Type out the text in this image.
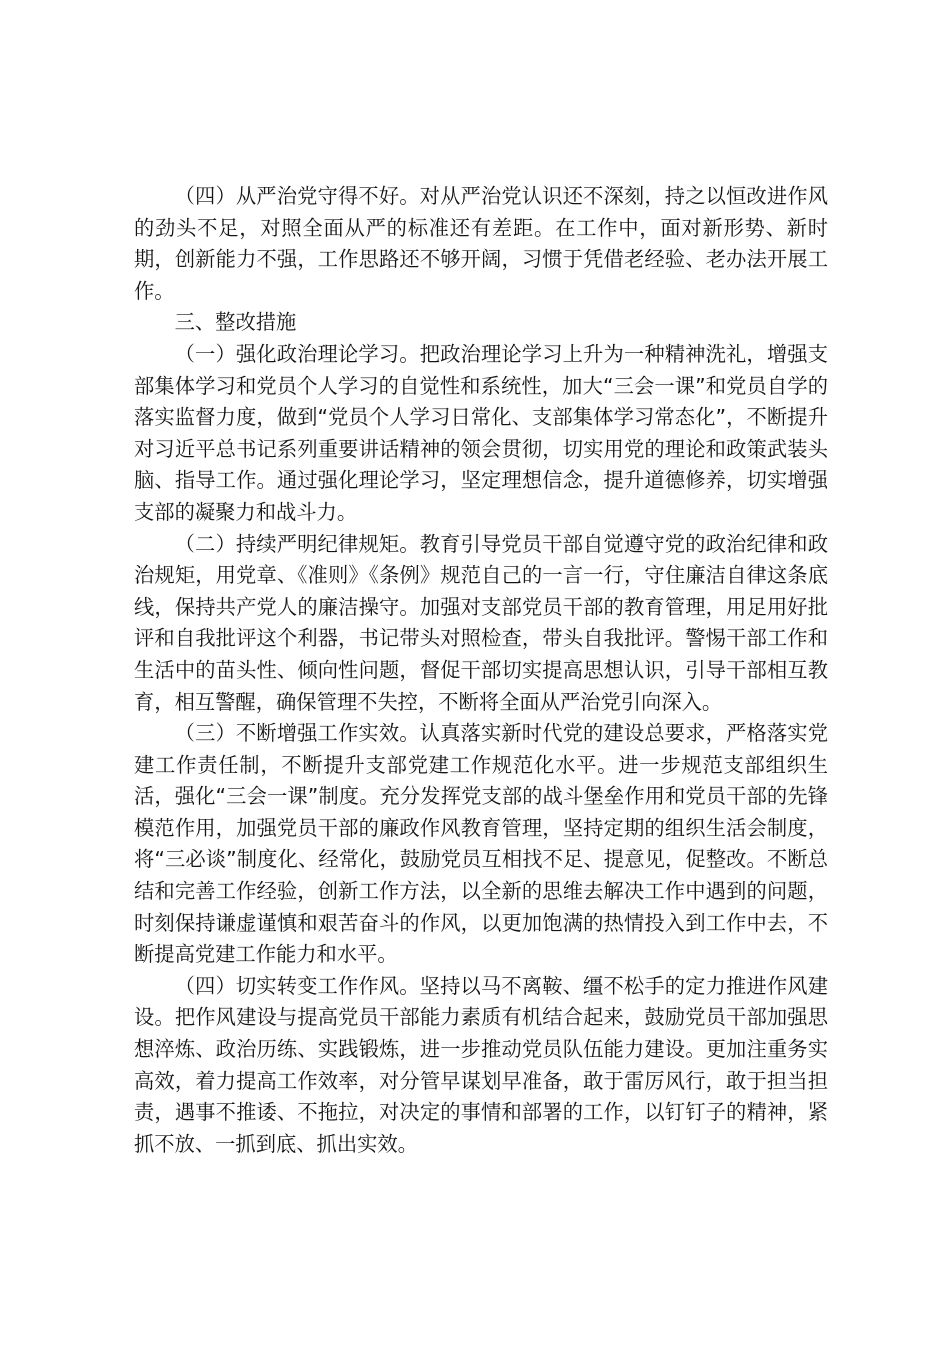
（四）从严治党守得不好。对从严治党认识还不深刻，持之以恒改进作风的劲头不足，对照全面从严的标准还有差距。在工作中，面对新形势、新时期，创新能力不强，工作思路还不够开阔，习惯于凭借老经验、老办法开展工作。

三、整改措施

（一）强化政治理论学习。把政治理论学习上升为一种精神洗礼，增强支部集体学习和党员个人学习的自觉性和系统性，加大“三会一课”和党员自学的落实监督力度，做到“党员个人学习日常化、支部集体学习常态化”，不断提升对习近平总书记系列重要讲话精神的领会贯彻，切实用党的理论和政策武装头脑、指导工作。通过强化理论学习，坚定理想信念，提升道德修养，切实增强支部的凝聚力和战斗力。

（二）持续严明纪律规矩。教育引导党员干部自觉遵守党的政治纪律和政治规矩，用党章、《准则》《条例》规范自己的一言一行，守住廉洁自律这条底线，保持共产党人的廉洁操守。加强对支部党员干部的教育管理，用足用好批评和自我批评这个利器，书记带头对照检查，带头自我批评。警惕干部工作和生活中的苗头性、倾向性问题，督促干部切实提高思想认识，引导干部相互教育，相互警醒，确保管理不失控，不断将全面从严治党引向深入。

（三）不断增强工作实效。认真落实新时代党的建设总要求，严格落实党建工作责任制，不断提升支部党建工作规范化水平。进一步规范支部组织生活，强化“三会一课”制度。充分发挥党支部的战斗堡垒作用和党员干部的先锋模范作用，加强党员干部的廉政作风教育管理，坚持定期的组织生活会制度，将“三必谈”制度化、经常化，鼓励党员互相找不足、提意见，促整改。不断总结和完善工作经验，创新工作方法，以全新的思维去解决工作中遇到的问题，时刻保持谦虚谨慎和艰苦奋斗的作风，以更加饱满的热情投入到工作中去，不断提高党建工作能力和水平。

（四）切实转变工作作风。坚持以马不离鞍、缰不松手的定力推进作风建设。把作风建设与提高党员干部能力素质有机结合起来，鼓励党员干部加强思想淬炼、政治历练、实践锻炼，进一步推动党员队伍能力建设。更加注重务实高效，着力提高工作效率，对分管早谋划早准备，敢于雷厉风行，敢于担当担责，遇事不推诿、不拖拉，对决定的事情和部署的工作，以钉钉子的精神，紧抓不放、一抓到底、抓出实效。
